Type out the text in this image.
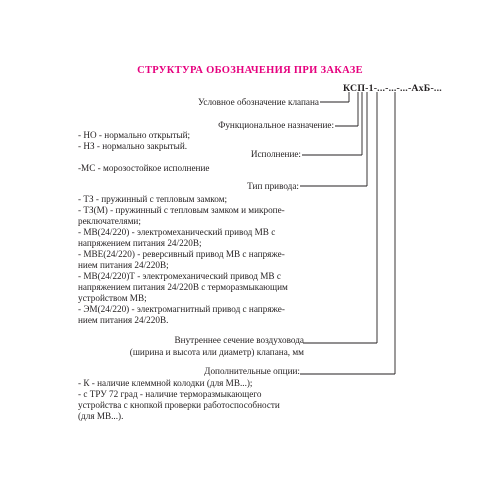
СТРУКТУРА ОБОЗНАЧЕНИЯ ПРИ ЗАКАЗЕ
КСП-1-...-...-...-АхБ-...
Условное обозначение клапана
Функциональное назначение:
- НО - нормально открытый;
- НЗ - нормально закрытый.
Исполнение:
-МС - морозостойкое исполнение
Тип привода:
- ТЗ - пружинный с тепловым замком;
- ТЗ(М) - пружинный с тепловым замком и микропе-
реключателями;
- МВ(24/220) - электромеханический привод МВ с
напряжением питания 24/220В;
- МВЕ(24/220) - реверсивный привод МВ с напряже-
нием питания 24/220В;
- МВ(24/220)Т - электромеханический привод МВ с
напряжением питания 24/220В с терморазмыкающим
устройством МВ;
- ЭМ(24/220) - электромагнитный привод с напряже-
нием питания 24/220В.
Внутреннее сечение воздуховода
(ширина и высота или диаметр) клапана, мм
Дополнительные опции:
- К - наличие клеммной колодки (для МВ...);
- с ТРУ 72 град - наличие терморазмыкающего
устройства с кнопкой проверки работоспособности
(для МВ...).
